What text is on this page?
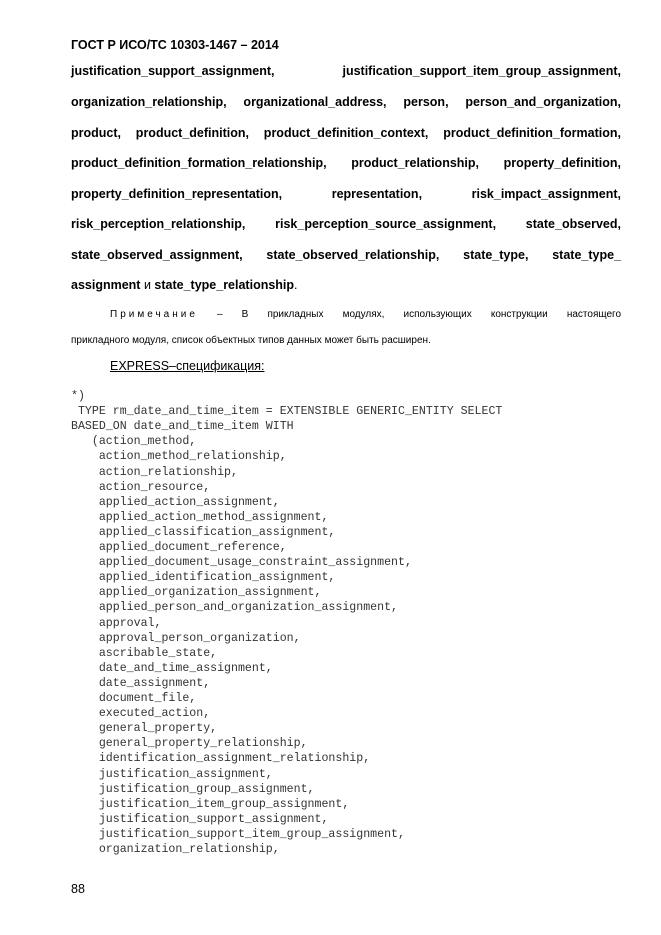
ГОСТ Р ИСО/ТС 10303-1467 – 2014
justification_support_assignment, justification_support_item_group_assignment,
organization_relationship, organizational_address, person, person_and_organization,
product, product_definition, product_definition_context, product_definition_formation,
product_definition_formation_relationship, product_relationship, property_definition,
property_definition_representation, representation, risk_impact_assignment,
risk_perception_relationship, risk_perception_source_assignment, state_observed,
state_observed_assignment, state_observed_relationship, state_type, state_type_
assignment и state_type_relationship.
Примечание – В прикладных модулях, использующих конструкции настоящего
прикладного модуля, список объектных типов данных может быть расширен.
EXPRESS–спецификация:
*)
TYPE rm_date_and_time_item = EXTENSIBLE GENERIC_ENTITY SELECT
BASED_ON date_and_time_item WITH
(action_method,
action_method_relationship,
action_relationship,
action_resource,
applied_action_assignment,
applied_action_method_assignment,
applied_classification_assignment,
applied_document_reference,
applied_document_usage_constraint_assignment,
applied_identification_assignment,
applied_organization_assignment,
applied_person_and_organization_assignment,
approval,
approval_person_organization,
ascribable_state,
date_and_time_assignment,
date_assignment,
document_file,
executed_action,
general_property,
general_property_relationship,
identification_assignment_relationship,
justification_assignment,
justification_group_assignment,
justification_item_group_assignment,
justification_support_assignment,
justification_support_item_group_assignment,
organization_relationship,
88
